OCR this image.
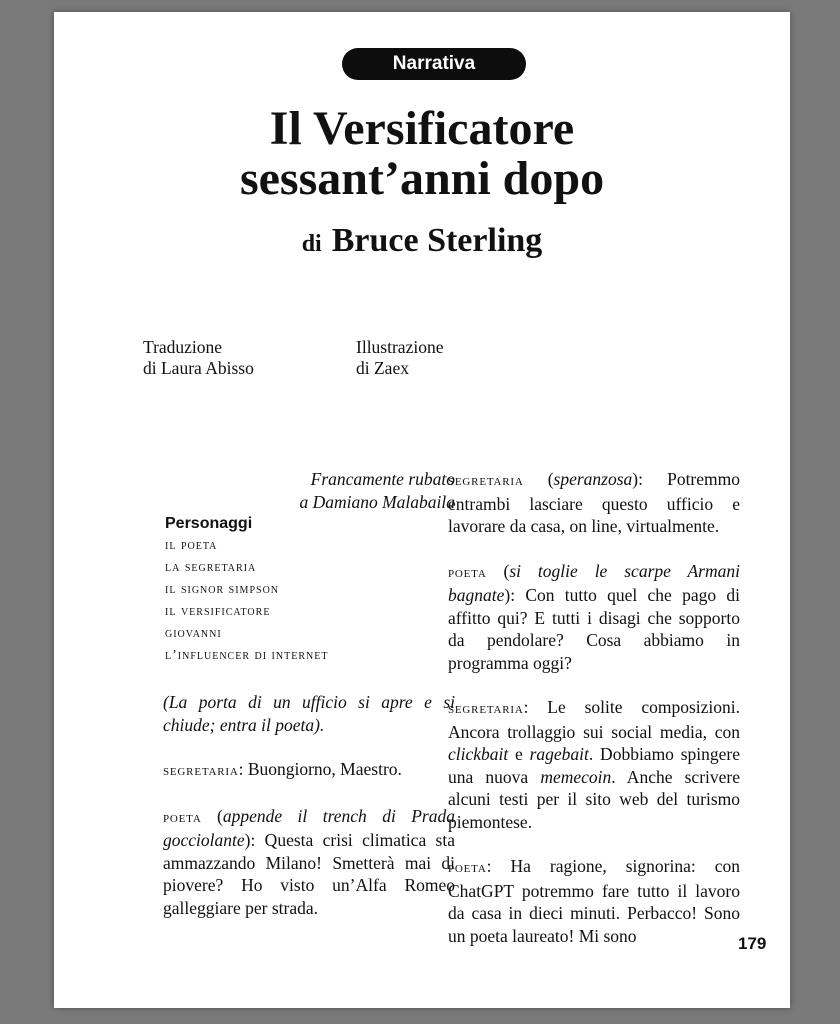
Narrativa
Il Versificatore
sessant’anni dopo
di Bruce Sterling
Traduzione
di Laura Abisso
Illustrazione
di Zaex

Francamente rubato
a Damiano Malabaila

Personaggi

il poeta
la segretaria
il signor simpson
il versificatore
giovanni
l’influencer di internet

(La porta di un ufficio si apre e si chiude; entra il poeta).

segretaria: Buongiorno, Maestro.

poeta (appende il trench di Prada gocciolante): Questa crisi climatica sta ammazzando Milano! Smetterà mai di piovere? Ho visto un’Alfa Romeo galleggiare per strada.

segretaria (speranzosa): Potremmo entrambi lasciare questo ufficio e lavorare da casa, on line, virtualmente.

poeta (si toglie le scarpe Armani bagnate): Con tutto quel che pago di affitto qui? E tutti i disagi che sopporto da pendolare? Cosa abbiamo in programma oggi?

segretaria: Le solite composizioni. Ancora trollaggio sui social media, con clickbait e ragebait. Dobbiamo spingere una nuova memecoin. Anche scrivere alcuni testi per il sito web del turismo piemontese.

poeta: Ha ragione, signorina: con ChatGPT potremmo fare tutto il lavoro da casa in dieci minuti. Perbacco! Sono un poeta laureato! Mi sono	179
